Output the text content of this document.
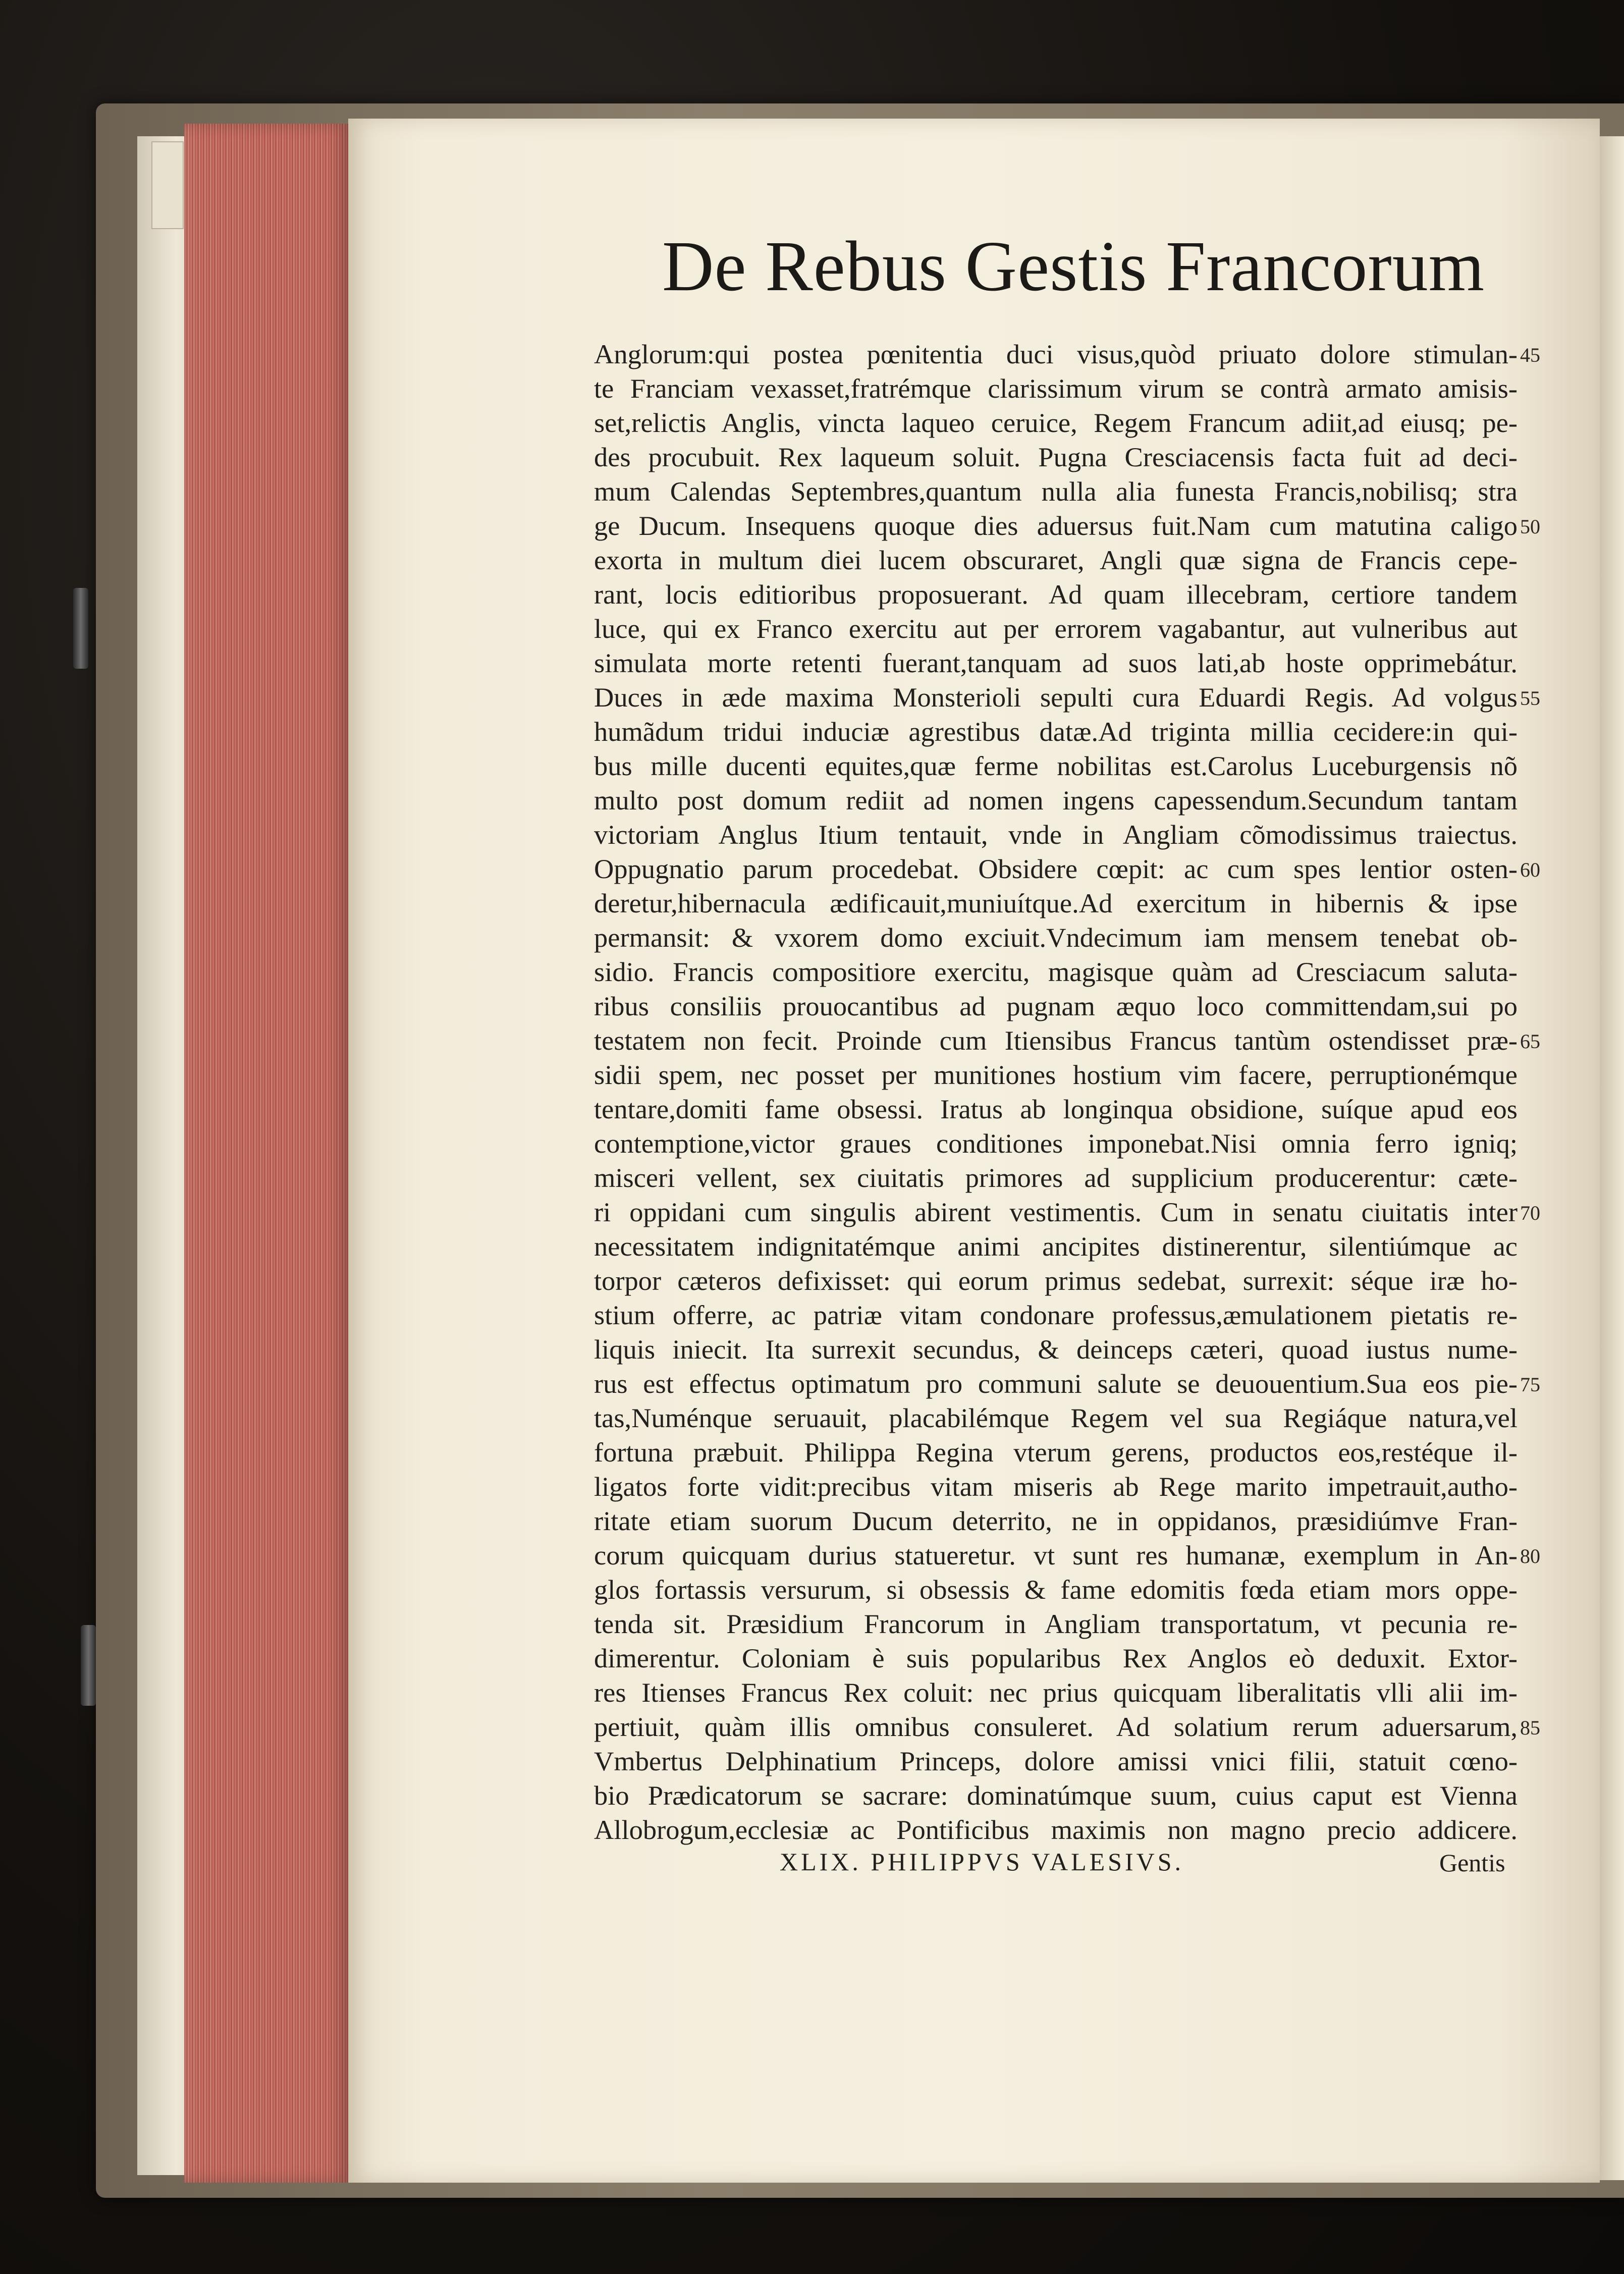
De Rebus Gestis Francorum
Anglorum:qui postea pœnitentia duci visus,quòd priuato dolore stimulan-
te Franciam vexasset,fratrémque clarissimum virum se contrà armato amisis-
set,relictis Anglis, vincta laqueo ceruice, Regem Francum adiit,ad eiusq; pe-
des procubuit. Rex laqueum soluit. Pugna Cresciacensis facta fuit ad deci-
mum Calendas Septembres,quantum nulla alia funesta Francis,nobilisq; stra
ge Ducum. Insequens quoque dies aduersus fuit.Nam cum matutina caligo
exorta in multum diei lucem obscuraret, Angli quæ signa de Francis cepe-
rant, locis editioribus proposuerant. Ad quam illecebram, certiore tandem
luce, qui ex Franco exercitu aut per errorem vagabantur, aut vulneribus aut
simulata morte retenti fuerant,tanquam ad suos lati,ab hoste opprimebátur.
Duces in æde maxima Monsterioli sepulti cura Eduardi Regis. Ad volgus
humãdum tridui induciæ agrestibus datæ.Ad triginta millia cecidere:in qui-
bus mille ducenti equites,quæ ferme nobilitas est.Carolus Luceburgensis nõ
multo post domum rediit ad nomen ingens capessendum.Secundum tantam
victoriam Anglus Itium tentauit, vnde in Angliam cõmodissimus traiectus.
Oppugnatio parum procedebat. Obsidere cœpit: ac cum spes lentior osten-
deretur,hibernacula ædificauit,muniuítque.Ad exercitum in hibernis & ipse
permansit: & vxorem domo exciuit.Vndecimum iam mensem tenebat ob-
sidio. Francis compositiore exercitu, magisque quàm ad Cresciacum saluta-
ribus consiliis prouocantibus ad pugnam æquo loco committendam,sui po
testatem non fecit. Proinde cum Itiensibus Francus tantùm ostendisset præ-
sidii spem, nec posset per munitiones hostium vim facere, perruptionémque
tentare,domiti fame obsessi. Iratus ab longinqua obsidione, suíque apud eos
contemptione,victor graues conditiones imponebat.Nisi omnia ferro igniq;
misceri vellent, sex ciuitatis primores ad supplicium producerentur: cæte-
ri oppidani cum singulis abirent vestimentis. Cum in senatu ciuitatis inter
necessitatem indignitatémque animi ancipites distinerentur, silentiúmque ac
torpor cæteros defixisset: qui eorum primus sedebat, surrexit: séque iræ ho-
stium offerre, ac patriæ vitam condonare professus,æmulationem pietatis re-
liquis iniecit. Ita surrexit secundus, & deinceps cæteri, quoad iustus nume-
rus est effectus optimatum pro communi salute se deuouentium.Sua eos pie-
tas,Numénque seruauit, placabilémque Regem vel sua Regiáque natura,vel
fortuna præbuit. Philippa Regina vterum gerens, productos eos,restéque il-
ligatos forte vidit:precibus vitam miseris ab Rege marito impetrauit,autho-
ritate etiam suorum Ducum deterrito, ne in oppidanos, præsidiúmve Fran-
corum quicquam durius statueretur. vt sunt res humanæ, exemplum in An-
glos fortassis versurum, si obsessis & fame edomitis fœda etiam mors oppe-
tenda sit. Præsidium Francorum in Angliam transportatum, vt pecunia re-
dimerentur. Coloniam è suis popularibus Rex Anglos eò deduxit. Extor-
res Itienses Francus Rex coluit: nec prius quicquam liberalitatis vlli alii im-
pertiuit, quàm illis omnibus consuleret. Ad solatium rerum aduersarum,
Vmbertus Delphinatium Princeps, dolore amissi vnici filii, statuit cœno-
bio Prædicatorum se sacrare: dominatúmque suum, cuius caput est Vienna
Allobrogum,ecclesiæ ac Pontificibus maximis non magno precio addicere.
45
50
55
60
65
70
75
80
85
XLIX. PHILIPPVS VALESIVS.	Gentis
